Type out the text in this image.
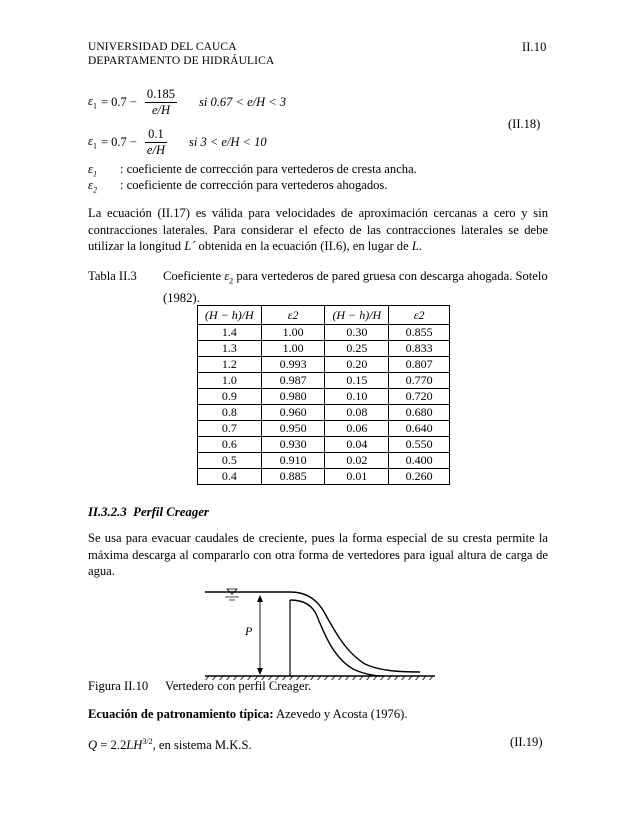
UNIVERSIDAD DEL CAUCA
DEPARTAMENTO DE HIDRÁULICA
II.10
$\varepsilon_1 = 0.7 - \frac{0.185}{e/H}$ si 0.67 < e/H < 3
$\varepsilon_1 = 0.7 - \frac{0.1}{e/H}$ si 3 < e/H < 10
(II.18)
$\varepsilon_1$ : coeficiente de corrección para vertederos de cresta ancha.
$\varepsilon_2$ : coeficiente de corrección para vertederos ahogados.
La ecuación (II.17) es válida para velocidades de aproximación cercanas a cero y sin contracciones laterales. Para considerar el efecto de las contracciones laterales se debe utilizar la longitud L´ obtenida en la ecuación (II.6), en lugar de L.
Tabla II.3 Coeficiente $\varepsilon_2$ para vertederos de pared gruesa con descarga ahogada. Sotelo (1982).
(H − h)/H	ε2	(H − h)/H	ε2
1.4	1.00	0.30	0.855
1.3	1.00	0.25	0.833
1.2	0.993	0.20	0.807
1.0	0.987	0.15	0.770
0.9	0.980	0.10	0.720
0.8	0.960	0.08	0.680
0.7	0.950	0.06	0.640
0.6	0.930	0.04	0.550
0.5	0.910	0.02	0.400
0.4	0.885	0.01	0.260
II.3.2.3 Perfil Creager
Se usa para evacuar caudales de creciente, pues la forma especial de su cresta permite la máxima descarga al compararlo con otra forma de vertedores para igual altura de carga de agua.
P
Figura II.10 Vertedero con perfil Creager.
Ecuación de patronamiento típica: Azevedo y Acosta (1976).
$Q = 2.2LH^{3/2}$, en sistema M.K.S.	(II.19)
